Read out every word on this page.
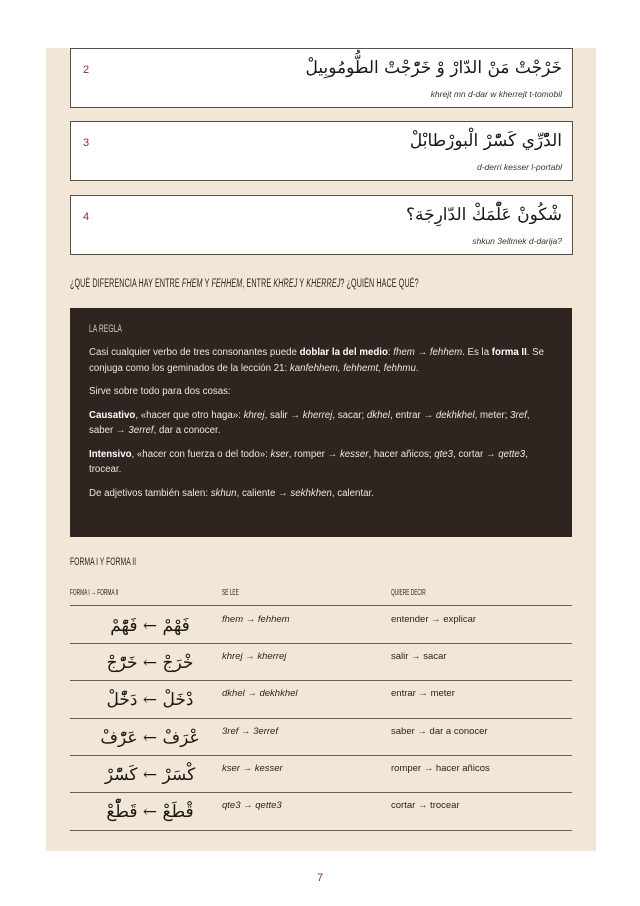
2	خَرْجْتْ مَنْ الدّارْ وْ خَرّْجْتْ الطُّومُوبِيلْ
khrejt mn d-dar w kherrejt t-tomobil
3	الدّْرِّي كَسّْرْ الْبورْطابْلْ
d-derri kesser l-portabl
4	شْكُونْ عَلّْمَكْ الدّارِجَة؟
shkun 3ellmek d-darija?
¿QUÉ DIFERENCIA HAY ENTRE FHEM Y FEHHEM, ENTRE KHREJ Y KHERREJ? ¿QUIÉN HACE QUÉ?
LA REGLA

Casi cualquier verbo de tres consonantes puede doblar la del medio: fhem → fehhem. Es la forma II. Se conjuga como los geminados de la lección 21: kanfehhem, fehhemt, fehhmu.

Sirve sobre todo para dos cosas:

Causativo, «hacer que otro haga»: khrej, salir → kherrej, sacar; dkhel, entrar → dekhkhel, meter; 3ref, saber → 3erref, dar a conocer.

Intensivo, «hacer con fuerza o del todo»: kser, romper → kesser, hacer añicos; qte3, cortar → qette3, trocear.

De adjetivos también salen: skhun, caliente → sekhkhen, calentar.

FORMA I Y FORMA II
FORMA I → FORMA II	SE LEE	QUIERE DECIR
فَهْمْ ← فَهّْمْ	fhem → fehhem	entender → explicar
خْرَجْ ← خَرّْجْ	khrej → kherrej	salir → sacar
دْخَلْ ← دَخّْلْ	dkhel → dekhkhel	entrar → meter
عْرَفْ ← عَرّْفْ	3ref → 3erref	saber → dar a conocer
كْسَرْ ← كَسّْرْ	kser → kesser	romper → hacer añicos
قْطَعْ ← قَطّْعْ	qte3 → qette3	cortar → trocear
7
